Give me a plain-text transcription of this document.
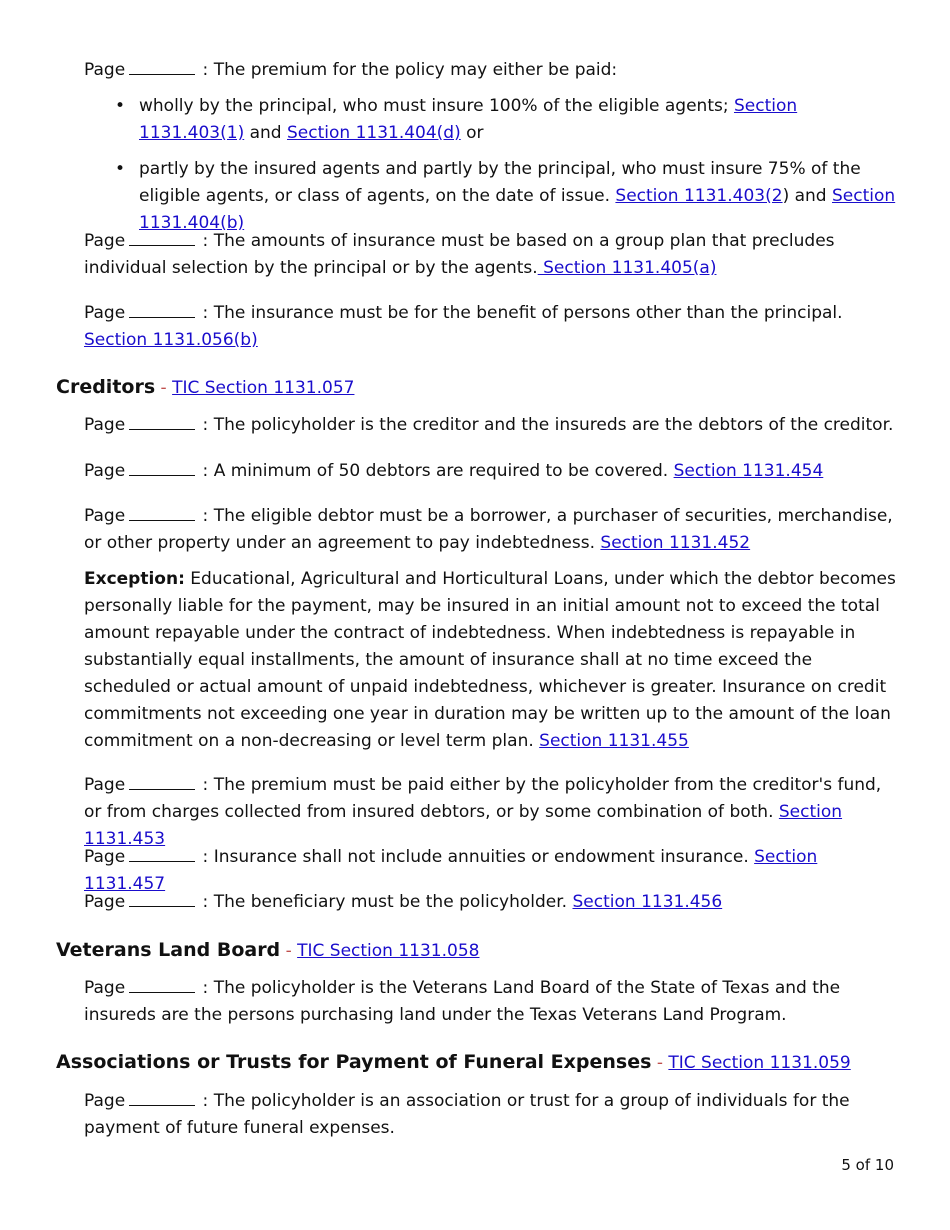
Page	: The premium for the policy may either be paid:

• wholly by the principal, who must insure 100% of the eligible agents; Section 1131.403(1) and Section 1131.404(d) or

• partly by the insured agents and partly by the principal, who must insure 75% of the eligible agents, or class of agents, on the date of issue. Section 1131.403(2) and Section 1131.404(b)

Page	: The amounts of insurance must be based on a group plan that precludes individual selection by the principal or by the agents. Section 1131.405(a)

Page	: The insurance must be for the benefit of persons other than the principal. Section 1131.056(b)

Creditors - TIC Section 1131.057

Page	: The policyholder is the creditor and the insureds are the debtors of the creditor.

Page	: A minimum of 50 debtors are required to be covered. Section 1131.454

Page	: The eligible debtor must be a borrower, a purchaser of securities, merchandise, or other property under an agreement to pay indebtedness. Section 1131.452

Exception: Educational, Agricultural and Horticultural Loans, under which the debtor becomes personally liable for the payment, may be insured in an initial amount not to exceed the total amount repayable under the contract of indebtedness. When indebtedness is repayable in substantially equal installments, the amount of insurance shall at no time exceed the scheduled or actual amount of unpaid indebtedness, whichever is greater. Insurance on credit commitments not exceeding one year in duration may be written up to the amount of the loan commitment on a non-decreasing or level term plan. Section 1131.455

Page	: The premium must be paid either by the policyholder from the creditor's fund, or from charges collected from insured debtors, or by some combination of both. Section 1131.453

Page	: Insurance shall not include annuities or endowment insurance. Section 1131.457

Page	: The beneficiary must be the policyholder. Section 1131.456

Veterans Land Board - TIC Section 1131.058

Page	: The policyholder is the Veterans Land Board of the State of Texas and the insureds are the persons purchasing land under the Texas Veterans Land Program.

Associations or Trusts for Payment of Funeral Expenses - TIC Section 1131.059

Page	: The policyholder is an association or trust for a group of individuals for the payment of future funeral expenses.

5 of 10
